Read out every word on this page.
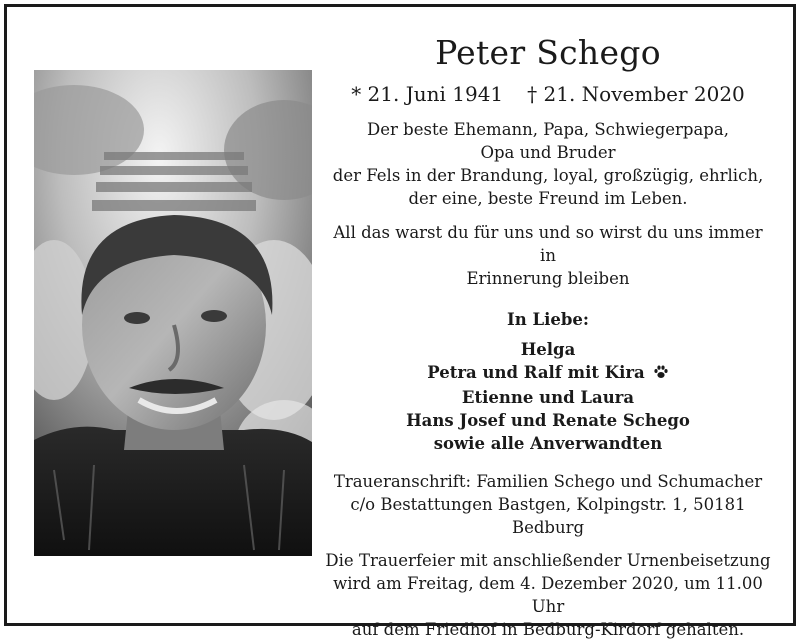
Peter Schego
* 21. Juni 1941 † 21. November 2020

Der beste Ehemann, Papa, Schwiegerpapa,

Opa und Bruder

der Fels in der Brandung, loyal, großzügig, ehrlich,

der eine, beste Freund im Leben.

All das warst du für uns und so wirst du uns immer in

Erinnerung bleiben

In Liebe:

Helga

Petra und Ralf mit Kira

Etienne und Laura

Hans Josef und Renate Schego

sowie alle Anverwandten

Traueranschrift: Familien Schego und Schumacher

c/o Bestattungen Bastgen, Kolpingstr. 1, 50181 Bedburg

Die Trauerfeier mit anschließender Urnenbeisetzung

wird am Freitag, dem 4. Dezember 2020, um 11.00 Uhr

auf dem Friedhof in Bedburg-Kirdorf gehalten.
